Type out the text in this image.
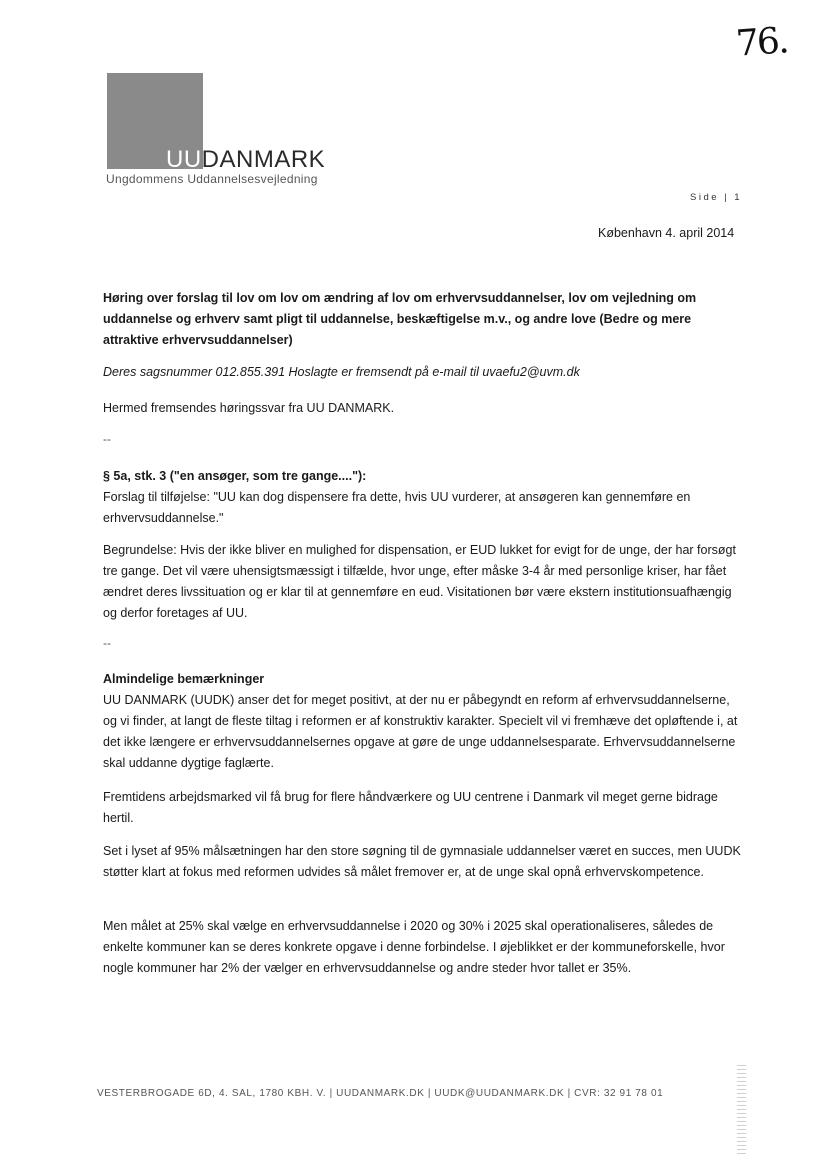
76.
UUDANMARK
Ungdommens Uddannelsesvejledning
Side | 1
København 4. april 2014

Høring over forslag til lov om lov om ændring af lov om erhvervsuddannelser, lov om vejledning om uddannelse og erhverv samt pligt til uddannelse, beskæftigelse m.v., og andre love (Bedre og mere attraktive erhvervsuddannelser)

Deres sagsnummer 012.855.391 Hoslagte er fremsendt på e-mail til uvaefu2@uvm.dk

Hermed fremsendes høringssvar fra UU DANMARK.

--

§ 5a, stk. 3 ("en ansøger, som tre gange...."):

Forslag til tilføjelse: "UU kan dog dispensere fra dette, hvis UU vurderer, at ansøgeren kan gennemføre en erhvervsuddannelse."

Begrundelse: Hvis der ikke bliver en mulighed for dispensation, er EUD lukket for evigt for de unge, der har forsøgt tre gange. Det vil være uhensigtsmæssigt i tilfælde, hvor unge, efter måske 3-4 år med personlige kriser, har fået ændret deres livssituation og er klar til at gennemføre en eud. Visitationen bør være ekstern institutionsuafhængig og derfor foretages af UU.

--

Almindelige bemærkninger

UU DANMARK (UUDK) anser det for meget positivt, at der nu er påbegyndt en reform af erhvervsuddannelserne, og vi finder, at langt de fleste tiltag i reformen er af konstruktiv karakter. Specielt vil vi fremhæve det opløftende i, at det ikke længere er erhvervsuddannelsernes opgave at gøre de unge uddannelsesparate. Erhvervsuddannelserne skal uddanne dygtige faglærte.

Fremtidens arbejdsmarked vil få brug for flere håndværkere og UU centrene i Danmark vil meget gerne bidrage hertil.

Set i lyset af 95% målsætningen har den store søgning til de gymnasiale uddannelser været en succes, men UUDK støtter klart at fokus med reformen udvides så målet fremover er, at de unge skal opnå erhvervskompetence.

Men målet at 25% skal vælge en erhvervsuddannelse i 2020 og 30% i 2025 skal operationaliseres, således de enkelte kommuner kan se deres konkrete opgave i denne forbindelse. I øjeblikket er der kommuneforskelle, hvor nogle kommuner har 2% der vælger en erhvervsuddannelse og andre steder hvor tallet er 35%.

VESTERBROGADE 6D, 4. SAL, 1780 KBH. V. | UUDANMARK.DK | UUDK@UUDANMARK.DK | CVR: 32 91 78 01
